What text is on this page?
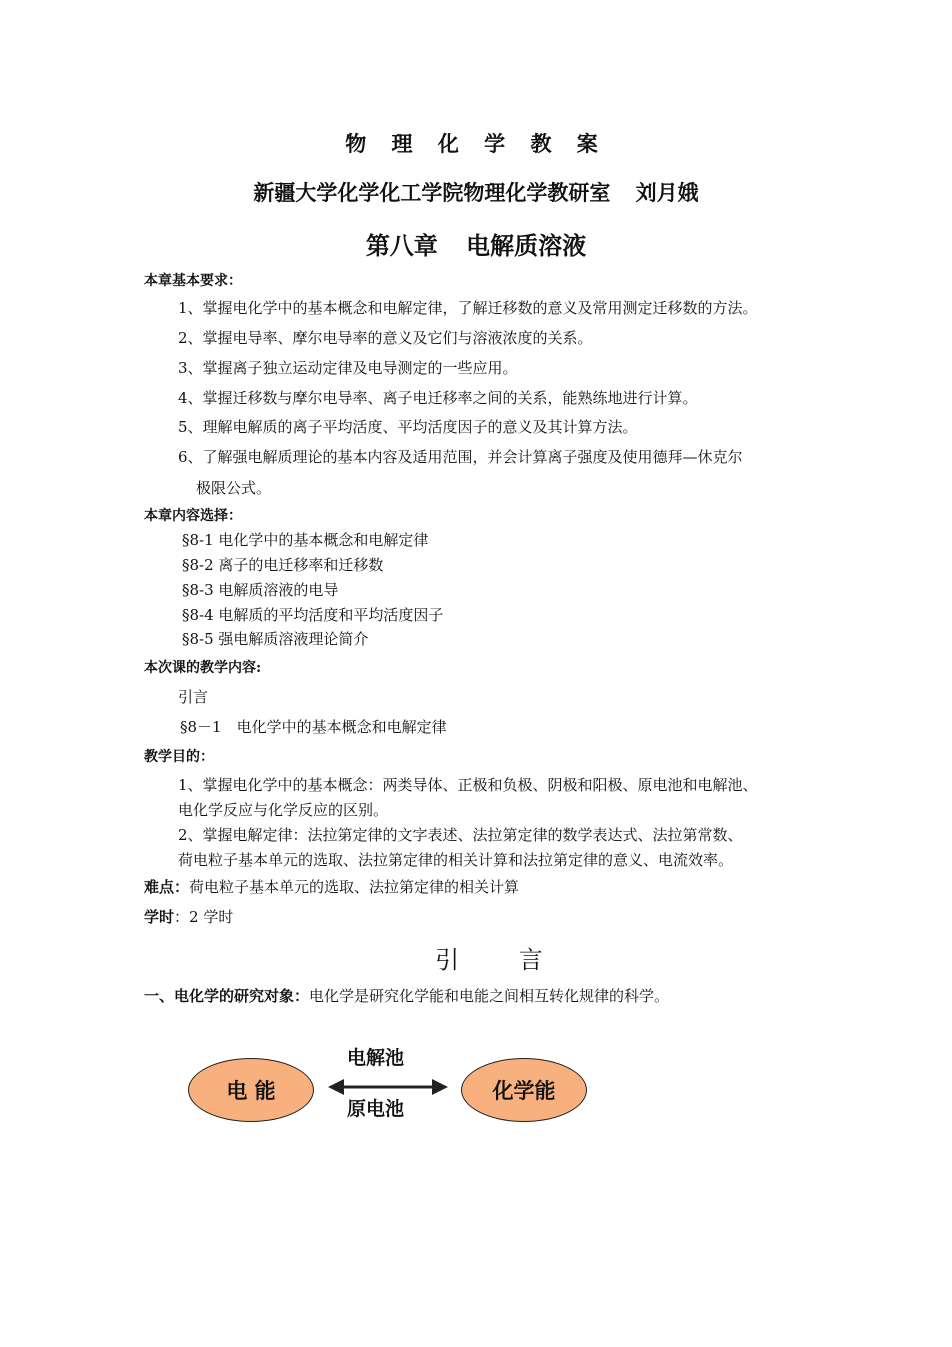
物 理 化 学 教 案
新疆大学化学化工学院物理化学教研室 刘月娥
第八章 电解质溶液
本章基本要求：
1、掌握电化学中的基本概念和电解定律，了解迁移数的意义及常用测定迁移数的方法。
2、掌握电导率、摩尔电导率的意义及它们与溶液浓度的关系。
3、掌握离子独立运动定律及电导测定的一些应用。
4、掌握迁移数与摩尔电导率、离子电迁移率之间的关系，能熟练地进行计算。
5、理解电解质的离子平均活度、平均活度因子的意义及其计算方法。
6、了解强电解质理论的基本内容及适用范围，并会计算离子强度及使用德拜—休克尔
极限公式。
本章内容选择：
§8-1 电化学中的基本概念和电解定律
§8-2 离子的电迁移率和迁移数
§8-3 电解质溶液的电导
§8-4 电解质的平均活度和平均活度因子
§8-5 强电解质溶液理论简介
本次课的教学内容:
引言
§8－1　电化学中的基本概念和电解定律
教学目的：
1、掌握电化学中的基本概念：两类导体、正极和负极、阴极和阳极、原电池和电解池、
电化学反应与化学反应的区别。
2、掌握电解定律：法拉第定律的文字表述、法拉第定律的数学表达式、法拉第常数、
荷电粒子基本单元的选取、法拉第定律的相关计算和法拉第定律的意义、电流效率。
难点：荷电粒子基本单元的选取、法拉第定律的相关计算
学时：2 学时
引 言
一、电化学的研究对象：电化学是研究化学能和电能之间相互转化规律的科学。
电 能	化学能
电解池
原电池
